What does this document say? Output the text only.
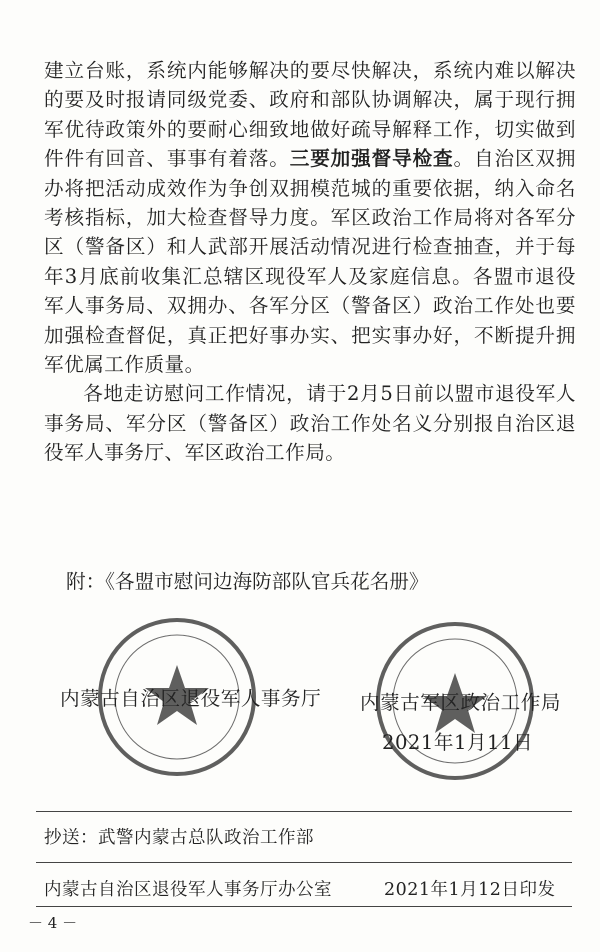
建立台账，系统内能够解决的要尽快解决，系统内难以解决的要及时报请同级党委、政府和部队协调解决，属于现行拥军优待政策外的要耐心细致地做好疏导解释工作，切实做到件件有回音、事事有着落。三要加强督导检查。自治区双拥办将把活动成效作为争创双拥模范城的重要依据，纳入命名考核指标，加大检查督导力度。军区政治工作局将对各军分区（警备区）和人武部开展活动情况进行检查抽查，并于每年3月底前收集汇总辖区现役军人及家庭信息。各盟市退役军人事务局、双拥办、各军分区（警备区）政治工作处也要加强检查督促，真正把好事办实、把实事办好，不断提升拥军优属工作质量。

各地走访慰问工作情况，请于2月5日前以盟市退役军人事务局、军分区（警备区）政治工作处名义分别报自治区退役军人事务厅、军区政治工作局。

附：《各盟市慰问边海防部队官兵花名册》
内蒙古自治区退役军人事务厅 内蒙古军区政治工作局
2021年1月11日
抄送：武警内蒙古总队政治工作部
内蒙古自治区退役军人事务厅办公室	2021年1月12日印发
－ 4 －
